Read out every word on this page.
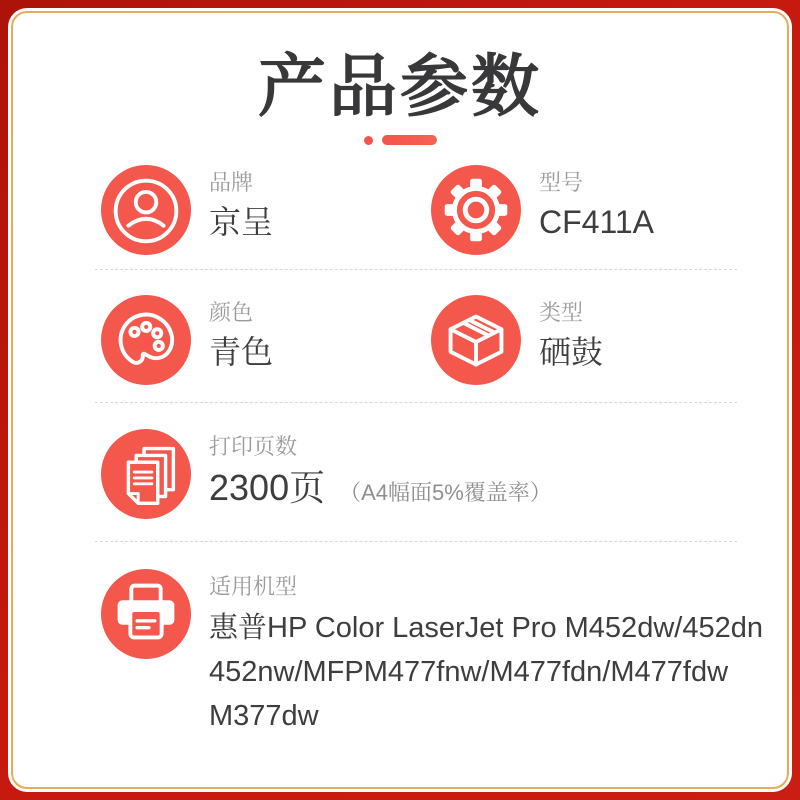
产品参数
品牌
京呈
型号
CF411A
颜色
青色
类型
硒鼓
打印页数
2300页 （A4幅面5%覆盖率）
适用机型
惠普HP Color LaserJet Pro M452dw/452dn
452nw/MFPM477fnw/M477fdn/M477fdw
M377dw
